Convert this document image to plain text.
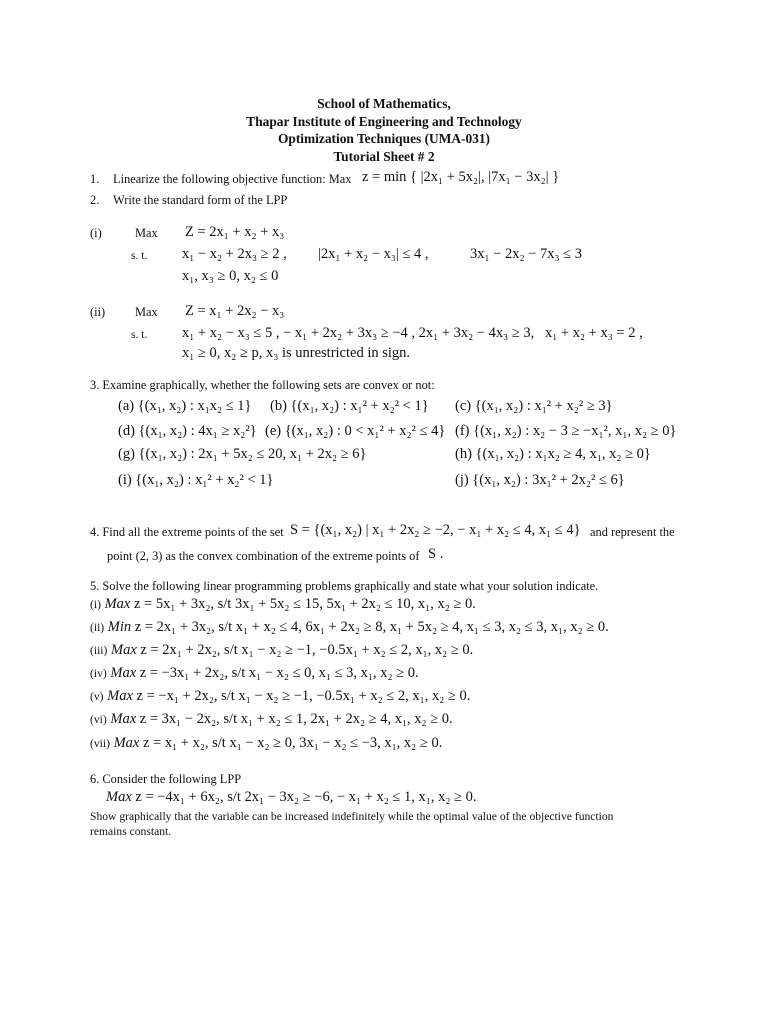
School of Mathematics,
Thapar Institute of Engineering and Technology
Optimization Techniques (UMA-031)
Tutorial Sheet # 2
1. Linearize the following objective function: Max z = min { |2x₁ + 5x₂|, |7x₁ − 3x₂| }
2. Write the standard form of the LPP
(i)	Max Z = 2x₁ + x₂ + x₃
s. t. x₁ − x₂ + 2x₃ ≥ 2 , |2x₁ + x₂ − x₃| ≤ 4 ,	3x₁ − 2x₂ − 7x₃ ≤ 3
x₁, x₃ ≥ 0, x₂ ≤ 0
(ii) Max Z = x₁ + 2x₂ − x₃
s. t. x₁ + x₂ − x₃ ≤ 5 , − x₁ + 2x₂ + 3x₃ ≥ −4 , 2x₁ + 3x₂ − 4x₃ ≥ 3, x₁ + x₂ + x₃ = 2 ,
x₁ ≥ 0, x₂ ≥ p, x₃ is unrestricted in sign.
3. Examine graphically, whether the following sets are convex or not:
(a) {(x₁, x₂) : x₁x₂ ≤ 1} (b) {(x₁, x₂) : x₁² + x₂² < 1} (c) {(x₁, x₂) : x₁² + x₂² ≥ 3}
(d) {(x₁, x₂) : 4x₁ ≥ x₂²} (e) {(x₁, x₂) : 0 < x₁² + x₂² ≤ 4} (f) {(x₁, x₂) : x₂ − 3 ≥ −x₁², x₁, x₂ ≥ 0}
(g) {(x₁, x₂) : 2x₁ + 5x₂ ≤ 20, x₁ + 2x₂ ≥ 6}	(h) {(x₁, x₂) : x₁x₂ ≥ 4, x₁, x₂ ≥ 0}
(i) {(x₁, x₂) : x₁² + x₂² < 1}	(j) {(x₁, x₂) : 3x₁² + 2x₂² ≤ 6}
4. Find all the extreme points of the set S = {(x₁, x₂) | x₁ + 2x₂ ≥ −2, − x₁ + x₂ ≤ 4, x₁ ≤ 4} and represent the
point (2, 3) as the convex combination of the extreme points of S .
5. Solve the following linear programming problems graphically and state what your solution indicate.
(i) Max z = 5x₁ + 3x₂, s/t 3x₁ + 5x₂ ≤ 15, 5x₁ + 2x₂ ≤ 10, x₁, x₂ ≥ 0.
(ii) Min z = 2x₁ + 3x₂, s/t x₁ + x₂ ≤ 4, 6x₁ + 2x₂ ≥ 8, x₁ + 5x₂ ≥ 4, x₁ ≤ 3, x₂ ≤ 3, x₁, x₂ ≥ 0.
(iii) Max z = 2x₁ + 2x₂, s/t x₁ − x₂ ≥ −1, −0.5x₁ + x₂ ≤ 2, x₁, x₂ ≥ 0.
(iv) Max z = −3x₁ + 2x₂, s/t x₁ − x₂ ≤ 0, x₁ ≤ 3, x₁, x₂ ≥ 0.
(v) Max z = −x₁ + 2x₂, s/t x₁ − x₂ ≥ −1, −0.5x₁ + x₂ ≤ 2, x₁, x₂ ≥ 0.
(vi) Max z = 3x₁ − 2x₂, s/t x₁ + x₂ ≤ 1, 2x₁ + 2x₂ ≥ 4, x₁, x₂ ≥ 0.
(vii) Max z = x₁ + x₂, s/t x₁ − x₂ ≥ 0, 3x₁ − x₂ ≤ −3, x₁, x₂ ≥ 0.
6. Consider the following LPP
Max z = −4x₁ + 6x₂, s/t 2x₁ − 3x₂ ≥ −6, − x₁ + x₂ ≤ 1, x₁, x₂ ≥ 0.
Show graphically that the variable can be increased indefinitely while the optimal value of the objective function
remains constant.
